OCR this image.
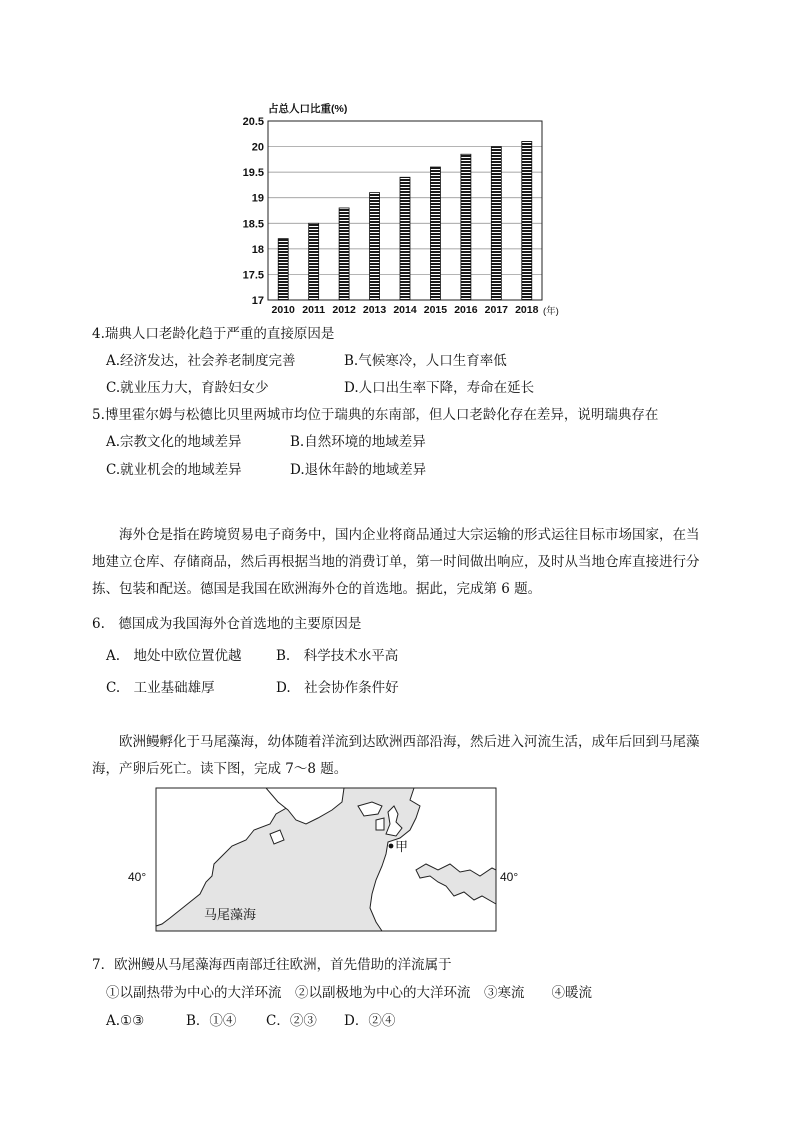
占总人口比重(%)
17
17.5
18
18.5
19
19.5
20
20.5
2010 2011 2012 2013 2014 2015 2016 2017 2018 (年)
4.瑞典人口老龄化趋于严重的直接原因是
A.经济发达，社会养老制度完善	B.气候寒冷，人口生育率低
C.就业压力大，育龄妇女少	D.人口出生率下降，寿命在延长
5.博里霍尔姆与松德比贝里两城市均位于瑞典的东南部，但人口老龄化存在差异，说明瑞典存在
A.宗教文化的地域差异	B.自然环境的地域差异
C.就业机会的地域差异	D.退休年龄的地域差异
海外仓是指在跨境贸易电子商务中，国内企业将商品通过大宗运输的形式运往目标市场国家，在当地建立仓库、存储商品，然后再根据当地的消费订单，第一时间做出响应，及时从当地仓库直接进行分拣、包装和配送。德国是我国在欧洲海外仓的首选地。据此，完成第 6 题。
6.　德国成为我国海外仓首选地的主要原因是
A.　地处中欧位置优越	B.　科学技术水平高
C.　工业基础雄厚	D.　社会协作条件好
欧洲鳗孵化于马尾藻海，幼体随着洋流到达欧洲西部沿海，然后进入河流生活，成年后回到马尾藻海，产卵后死亡。读下图，完成 7～8 题。
甲
40°	40°
马尾藻海
7．欧洲鳗从马尾藻海西南部迁往欧洲，首先借助的洋流属于
①以副热带为中心的大洋环流　②以副极地为中心的大洋环流　③寒流　　④暖流
A.①③	B．①④ C．②③ D．②④
